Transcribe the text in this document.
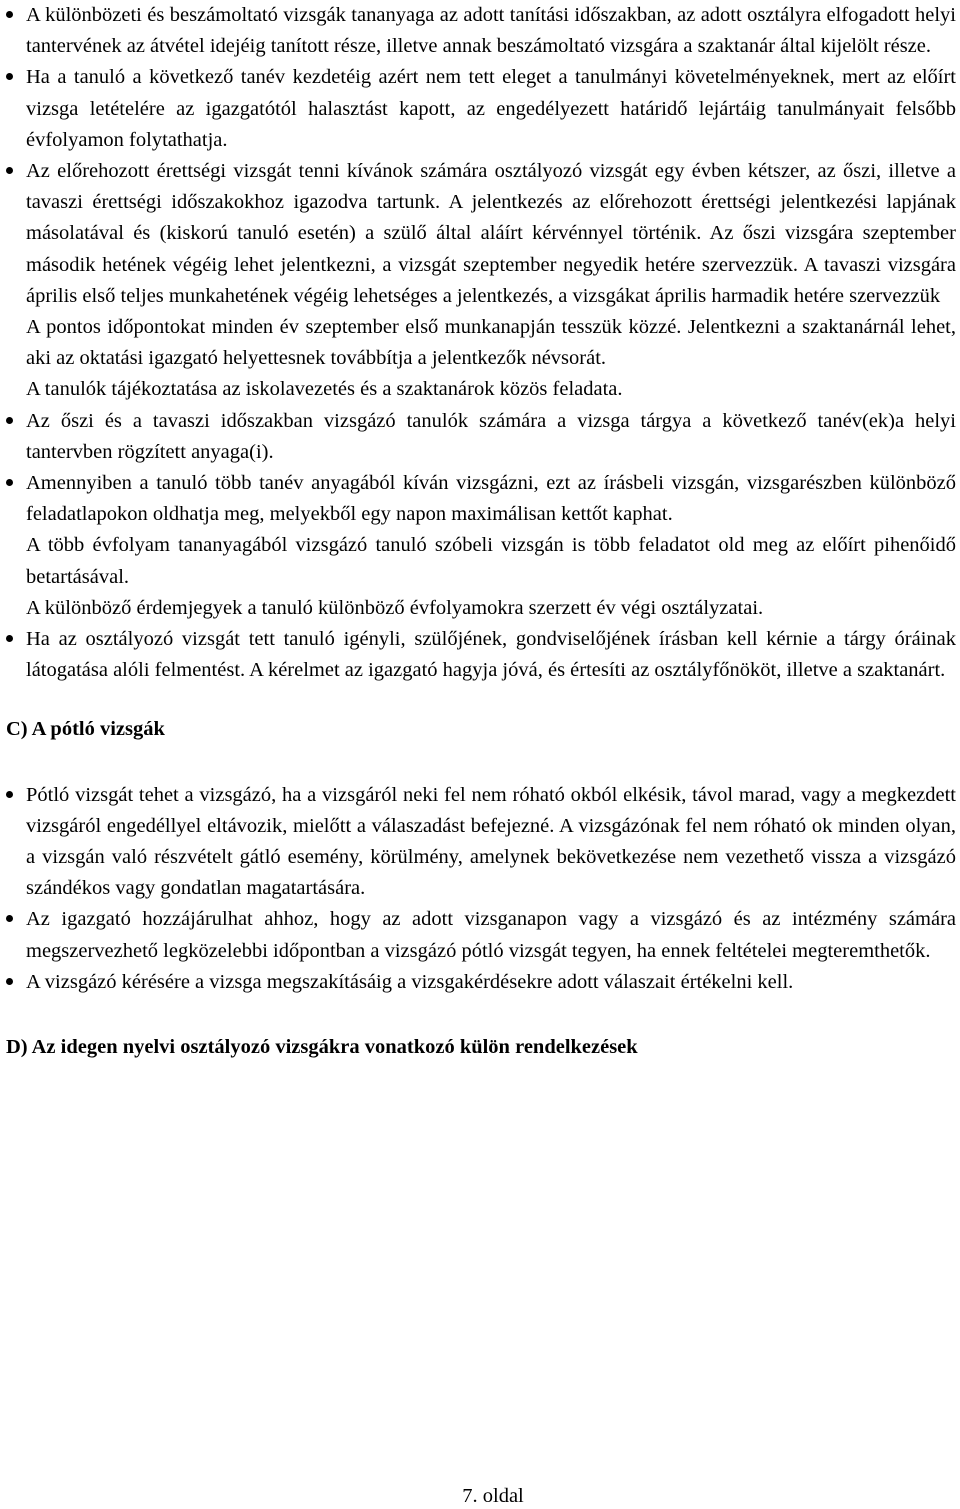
A különbözeti és beszámoltató vizsgák tananyaga az adott tanítási időszakban, az adott osztályra elfogadott helyi tantervének az átvétel idejéig tanított része, illetve annak beszámoltató vizsgára a szaktanár által kijelölt része.
Ha a tanuló a következő tanév kezdetéig azért nem tett eleget a tanulmányi követelményeknek, mert az előírt vizsga letételére az igazgatótól halasztást kapott, az engedélyezett határidő lejártáig tanulmányait felsőbb évfolyamon folytathatja.
Az előrehozott érettségi vizsgát tenni kívánok számára osztályozó vizsgát egy évben kétszer, az őszi, illetve a tavaszi érettségi időszakokhoz igazodva tartunk. A jelentkezés az előrehozott érettségi jelentkezési lapjának másolatával és (kiskorú tanuló esetén) a szülő által aláírt kérvénnyel történik. Az őszi vizsgára szeptember második hetének végéig lehet jelentkezni, a vizsgát szeptember negyedik hetére szervezzük. A tavaszi vizsgára április első teljes munkahetének végéig lehetséges a jelentkezés, a vizsgákat április harmadik hetére szervezzük
A pontos időpontokat minden év szeptember első munkanapján tesszük közzé. Jelentkezni a szaktanárnál lehet, aki az oktatási igazgató helyettesnek továbbítja a jelentkezők névsorát.
A tanulók tájékoztatása az iskolavezetés és a szaktanárok közös feladata.
Az őszi és a tavaszi időszakban vizsgázó tanulók számára a vizsga tárgya a következő tanév(ek)a helyi tantervben rögzített anyaga(i).
Amennyiben a tanuló több tanév anyagából kíván vizsgázni, ezt az írásbeli vizsgán, vizsgarészben különböző feladatlapokon oldhatja meg, melyekből egy napon maximálisan kettőt kaphat.
A több évfolyam tananyagából vizsgázó tanuló szóbeli vizsgán is több feladatot old meg az előírt pihenőidő betartásával.
A különböző érdemjegyek a tanuló különböző évfolyamokra szerzett év végi osztályzatai.
Ha az osztályozó vizsgát tett tanuló igényli, szülőjének, gondviselőjének írásban kell kérnie a tárgy óráinak látogatása alóli felmentést. A kérelmet az igazgató hagyja jóvá, és értesíti az osztályfőnököt, illetve a szaktanárt.
C) A pótló vizsgák
Pótló vizsgát tehet a vizsgázó, ha a vizsgáról neki fel nem róható okból elkésik, távol marad, vagy a megkezdett vizsgáról engedéllyel eltávozik, mielőtt a válaszadást befejezné. A vizsgázónak fel nem róható ok minden olyan, a vizsgán való részvételt gátló esemény, körülmény, amelynek bekövetkezése nem vezethető vissza a vizsgázó szándékos vagy gondatlan magatartására.
Az igazgató hozzájárulhat ahhoz, hogy az adott vizsganapon vagy a vizsgázó és az intézmény számára megszervezhető legközelebbi időpontban a vizsgázó pótló vizsgát tegyen, ha ennek feltételei megteremthetők.
A vizsgázó kérésére a vizsga megszakításáig a vizsgakérdésekre adott válaszait értékelni kell.
D) Az idegen nyelvi osztályozó vizsgákra vonatkozó külön rendelkezések
7. oldal
